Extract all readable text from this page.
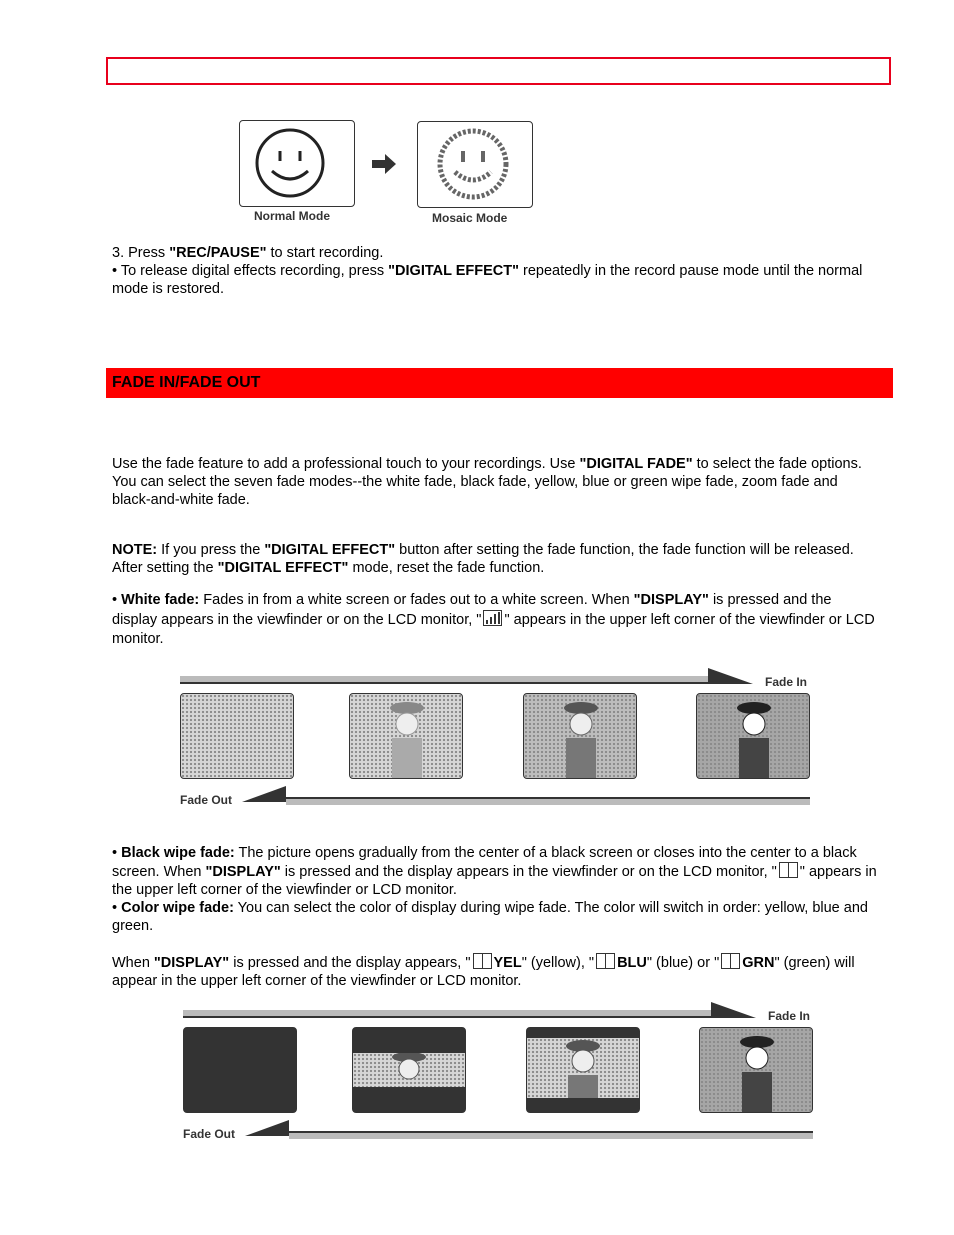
Normal Mode	Mosaic Mode

3. Press "REC/PAUSE" to start recording.
• To release digital effects recording, press "DIGITAL EFFECT" repeatedly in the record pause mode until the normal mode is restored.

FADE IN/FADE OUT

Use the fade feature to add a professional touch to your recordings. Use "DIGITAL FADE" to select the fade options.
You can select the seven fade modes--the white fade, black fade, yellow, blue or green wipe fade, zoom fade and black-and-white fade.

NOTE: If you press the "DIGITAL EFFECT" button after setting the fade function, the fade function will be released. After setting the "DIGITAL EFFECT" mode, reset the fade function.

• White fade: Fades in from a white screen or fades out to a white screen. When "DISPLAY" is pressed and the display appears in the viewfinder or on the LCD monitor, " " appears in the upper left corner of the viewfinder or LCD monitor.

Fade In
Fade Out

• Black wipe fade: The picture opens gradually from the center of a black screen or closes into the center to a black screen. When "DISPLAY" is pressed and the display appears in the viewfinder or on the LCD monitor, " " appears in the upper left corner of the viewfinder or LCD monitor.
• Color wipe fade: You can select the color of display during wipe fade. The color will switch in order: yellow, blue and green.

When "DISPLAY" is pressed and the display appears, " YEL" (yellow), " BLU" (blue) or " GRN" (green) will appear in the upper left corner of the viewfinder or LCD monitor.

Fade In
Fade Out
